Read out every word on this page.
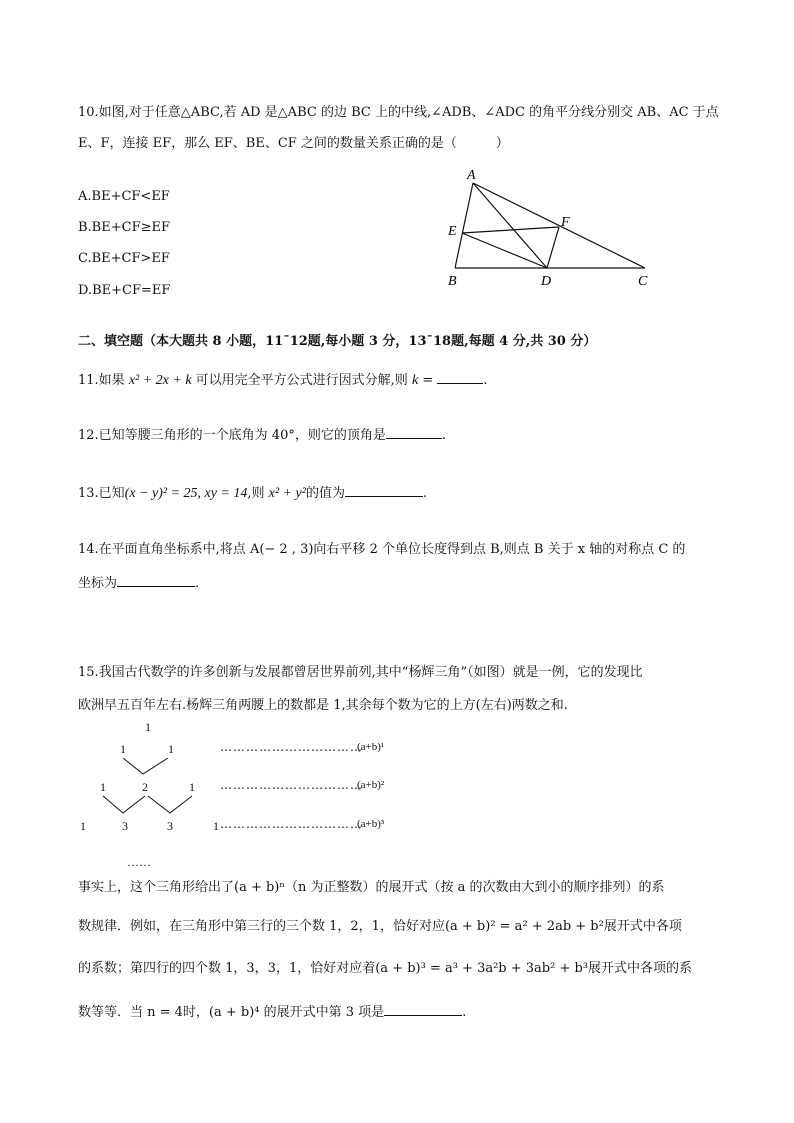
10.如图,对于任意△ABC,若 AD 是△ABC 的边 BC 上的中线,∠ADB、∠ADC 的角平分线分别交 AB、AC 于点
E、F，连接 EF，那么 EF、BE、CF 之间的数量关系正确的是（　　　）
A.BE+CF<EF
B.BE+CF≥EF
C.BE+CF>EF
D.BE+CF=EF
A
E
F
B	D	C
二、填空题（本大题共 8 小题，11ˉ12题,每小题 3 分，13ˉ18题,每题 4 分,共 30 分）
11.如果 x² + 2x + k 可以用完全平方公式进行因式分解,则 k =	.
12.已知等腰三角形的一个底角为 40°，则它的顶角是	.
13.已知(x − y)² = 25, xy = 14,则 x² + y²的值为	.
14.在平面直角坐标系中,将点 A(− 2 , 3)向右平移 2 个单位长度得到点 B,则点 B 关于 x 轴的对称点 C 的
坐标为	.
15.我国古代数学的许多创新与发展都曾居世界前列,其中“杨辉三角”（如图）就是一例，它的发现比
欧洲早五百年左右.杨辉三角两腰上的数都是 1,其余每个数为它的上方(左右)两数之和.
1
1	1
1	2	1
1	3	3	1
……
……………………………
(a+b)¹
……………………………
(a+b)²
……………………………
(a+b)³
事实上，这个三角形给出了(a + b)ⁿ（n 为正整数）的展开式（按 a 的次数由大到小的顺序排列）的系
数规律．例如，在三角形中第三行的三个数 1，2，1，恰好对应(a + b)² = a² + 2ab + b²展开式中各项
的系数；第四行的四个数 1，3，3，1，恰好对应着(a + b)³ = a³ + 3a²b + 3ab² + b³展开式中各项的系
数等等．当 n = 4时，(a + b)⁴ 的展开式中第 3 项是	.
